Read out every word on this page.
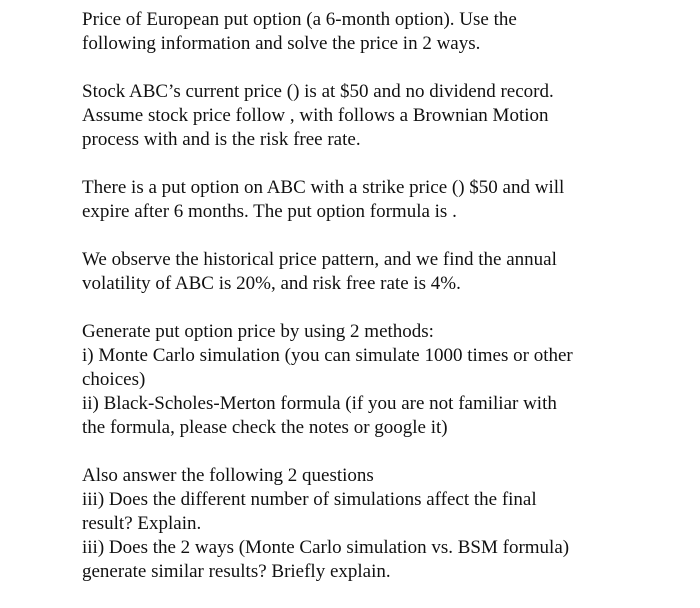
Price of European put option (a 6-month option). Use the
following information and solve the price in 2 ways.

Stock ABC’s current price () is at $50 and no dividend record.
Assume stock price follow , with follows a Brownian Motion
process with and is the risk free rate.

There is a put option on ABC with a strike price () $50 and will
expire after 6 months. The put option formula is .

We observe the historical price pattern, and we find the annual
volatility of ABC is 20%, and risk free rate is 4%.

Generate put option price by using 2 methods:
i) Monte Carlo simulation (you can simulate 1000 times or other
choices)
ii) Black-Scholes-Merton formula (if you are not familiar with
the formula, please check the notes or google it)

Also answer the following 2 questions
iii) Does the different number of simulations affect the final
result? Explain.
iii) Does the 2 ways (Monte Carlo simulation vs. BSM formula)
generate similar results? Briefly explain.
